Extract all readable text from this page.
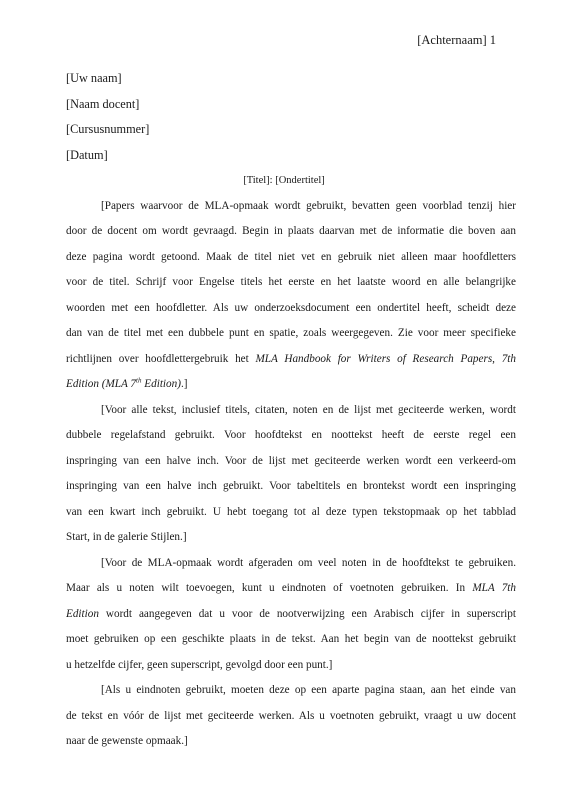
[Achternaam] 1

[Uw naam]

[Naam docent]

[Cursusnummer]

[Datum]

[Titel]: [Ondertitel]

[Papers waarvoor de MLA-opmaak wordt gebruikt, bevatten geen voorblad tenzij hier

door de docent om wordt gevraagd. Begin in plaats daarvan met de informatie die boven aan

deze pagina wordt getoond. Maak de titel niet vet en gebruik niet alleen maar hoofdletters

voor de titel. Schrijf voor Engelse titels het eerste en het laatste woord en alle belangrijke

woorden met een hoofdletter. Als uw onderzoeksdocument een ondertitel heeft, scheidt deze

dan van de titel met een dubbele punt en spatie, zoals weergegeven. Zie voor meer specifieke

richtlijnen over hoofdlettergebruik het MLA Handbook for Writers of Research Papers, 7th

Edition (MLA 7th Edition).]

[Voor alle tekst, inclusief titels, citaten, noten en de lijst met geciteerde werken, wordt

dubbele regelafstand gebruikt. Voor hoofdtekst en noottekst heeft de eerste regel een

inspringing van een halve inch. Voor de lijst met geciteerde werken wordt een verkeerd-om

inspringing van een halve inch gebruikt. Voor tabeltitels en brontekst wordt een inspringing

van een kwart inch gebruikt. U hebt toegang tot al deze typen tekstopmaak op het tabblad

Start, in de galerie Stijlen.]

[Voor de MLA-opmaak wordt afgeraden om veel noten in de hoofdtekst te gebruiken.

Maar als u noten wilt toevoegen, kunt u eindnoten of voetnoten gebruiken. In MLA 7th

Edition wordt aangegeven dat u voor de nootverwijzing een Arabisch cijfer in superscript

moet gebruiken op een geschikte plaats in de tekst. Aan het begin van de noottekst gebruikt

u hetzelfde cijfer, geen superscript, gevolgd door een punt.]

[Als u eindnoten gebruikt, moeten deze op een aparte pagina staan, aan het einde van

de tekst en vóór de lijst met geciteerde werken. Als u voetnoten gebruikt, vraagt u uw docent

naar de gewenste opmaak.]
